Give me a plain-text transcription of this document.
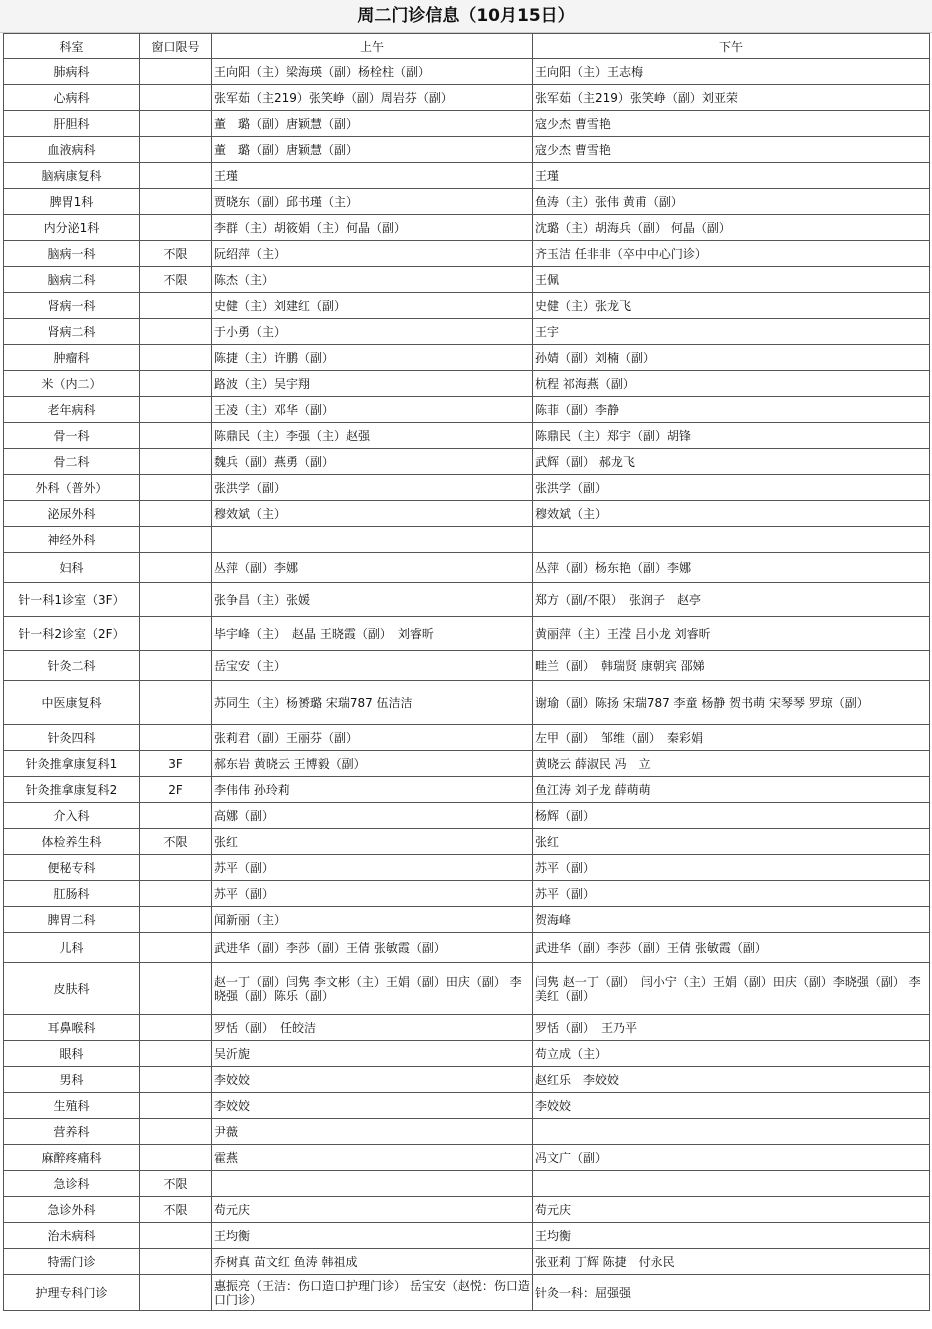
周二门诊信息（10月15日）
科室	窗口限号	上午	下午
肺病科		王向阳（主）梁海瑛（副）杨栓柱（副）	王向阳（主）王志梅
心病科		张军茹（主219）张笑峥（副）周岩芬（副）	张军茹（主219）张笑峥（副）刘亚荣
肝胆科		董　璐（副）唐颖慧（副）	寇少杰 曹雪艳
血液病科		董　璐（副）唐颖慧（副）	寇少杰 曹雪艳
脑病康复科		王瑾	王瑾
脾胃1科		贾晓东（副）邱书瑾（主）	鱼涛（主）张伟 黄甫（副）
内分泌1科		李群（主）胡筱娟（主）何晶（副）	沈璐（主）胡海兵（副） 何晶（副）
脑病一科	不限	阮绍萍（主）	齐玉洁 任非非（卒中中心门诊）
脑病二科	不限	陈杰（主）	王佩
肾病一科		史健（主）刘建红（副）	史健（主）张龙飞
肾病二科		于小勇（主）	王宇
肿瘤科		陈捷（主）许鹏（副）	孙婧（副）刘楠（副）
米（内二）		路波（主）吴宇翔	杭程 祁海燕（副）
老年病科		王凌（主）邓华（副）	陈菲（副）李静
骨一科		陈鼎民（主）李强（主）赵强	陈鼎民（主）郑宇（副）胡锋
骨二科		魏兵（副）燕勇（副）	武辉（副） 郝龙飞
外科（普外）		张洪学（副）	张洪学（副）
泌尿外科		穆效斌（主）	穆效斌（主）
神经外科			
妇科		丛萍（副）李娜	丛萍（副）杨东艳（副）李娜
针一科1诊室（3F）		张争昌（主）张媛	郑方（副/不限）　张润子　赵亭
针一科2诊室（2F）		毕宇峰（主）　赵晶 王晓霞（副）　刘睿昕	黄丽萍（主）王滢 吕小龙 刘睿昕
针灸二科		岳宝安（主）	畦兰（副）　韩瑞贤 康朝宾 邵娣
中医康复科		苏同生（主）杨赟璐 宋瑞787 伍洁洁	谢瑜（副）陈扬 宋瑞787 李童 杨静 贺书萌 宋琴琴 罗琼（副）
针灸四科		张莉君（副）王丽芬（副）	左甲（副）　邹维（副）　秦彩娟
针灸推拿康复科1	3F	郝东岩 黄晓云 王博毅（副）	黄晓云 薛淑民 冯　立
针灸推拿康复科2	2F	李伟伟 孙玲莉	鱼江涛 刘子龙 薛萌萌
介入科		高娜（副）	杨辉（副）
体检养生科	不限	张红	张红
便秘专科		苏平（副）	苏平（副）
肛肠科		苏平（副）	苏平（副）
脾胃二科		闻新丽（主）	贺海峰
儿科		武进华（副）李莎（副）王倩 张敏霞（副）	武进华（副）李莎（副）王倩 张敏霞（副）
皮肤科		赵一丁（副）闫隽 李文彬（主）王娟（副）田庆（副） 李晓强（副）陈乐（副）	闫隽 赵一丁（副）　闫小宁（主）王娟（副）田庆（副）李晓强（副） 李美红（副）
耳鼻喉科		罗恬（副）　任皎洁	罗恬（副）　王乃平
眼科		吴沂旎	苟立成（主）
男科		李姣姣	赵红乐　李姣姣
生殖科		李姣姣	李姣姣
营养科		尹薇	
麻醉疼痛科		霍燕	冯文广（副）
急诊科	不限		
急诊外科	不限	苟元庆	苟元庆
治未病科		王均衡	王均衡
特需门诊		乔树真 苗文红 鱼涛 韩祖成	张亚莉 丁辉 陈捷　付永民
护理专科门诊		惠振亮（王洁：伤口造口护理门诊） 岳宝安（赵悦：伤口造口门诊）	针灸一科：屈强强
